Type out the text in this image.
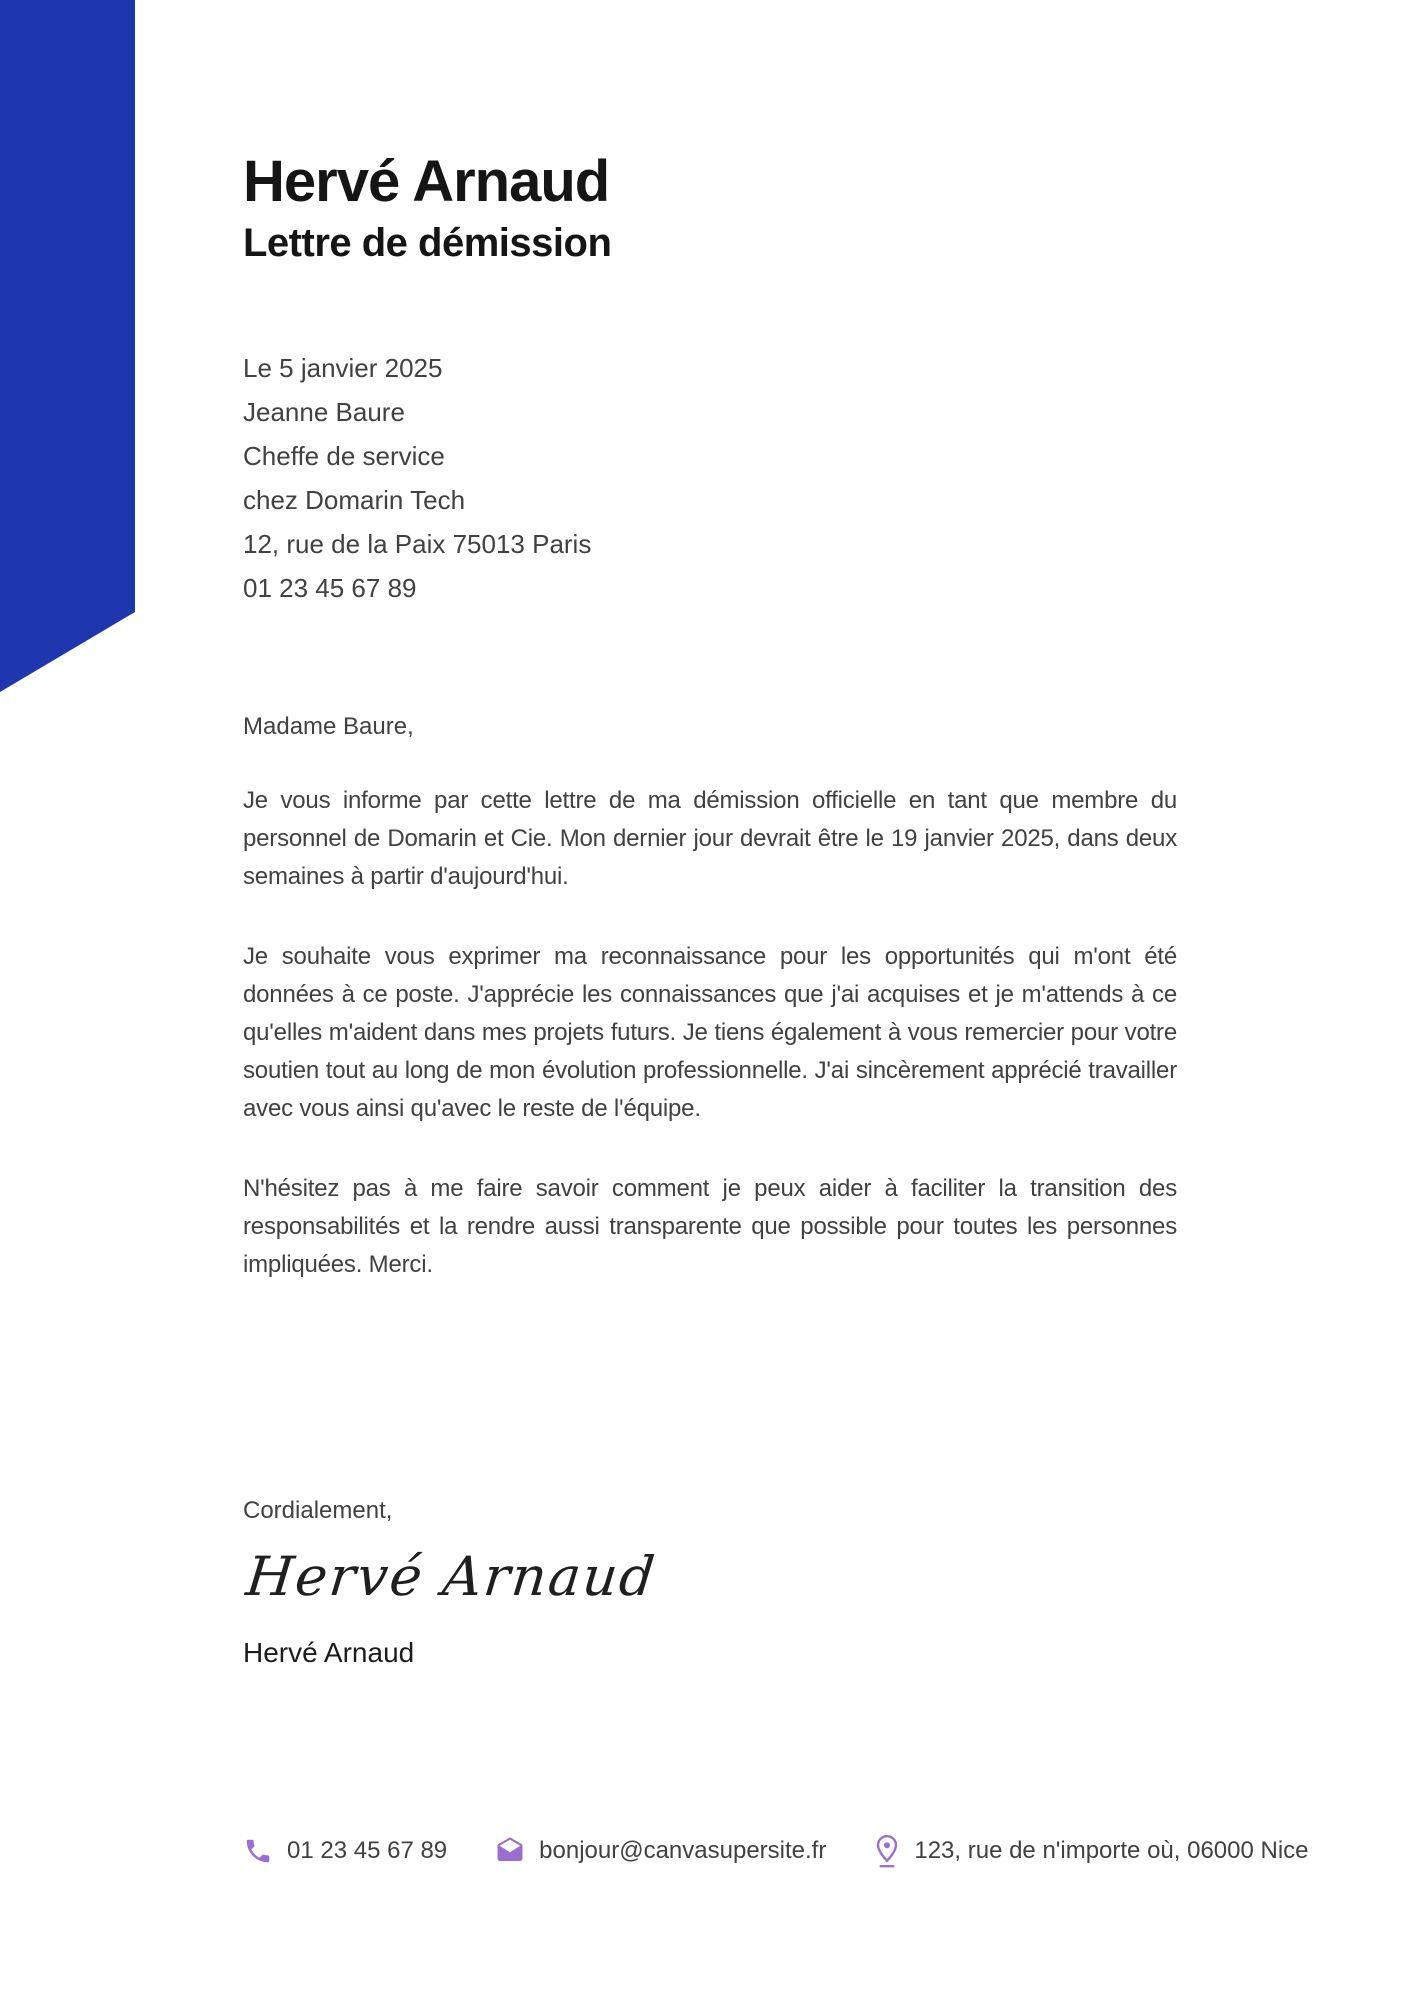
Hervé Arnaud
Lettre de démission
Le 5 janvier 2025
Jeanne Baure
Cheffe de service
chez Domarin Tech
12, rue de la Paix 75013 Paris
01 23 45 67 89

Madame Baure,

Je vous informe par cette lettre de ma démission officielle en tant que membre du personnel de Domarin et Cie. Mon dernier jour devrait être le 19 janvier 2025, dans deux semaines à partir d'aujourd'hui.

Je souhaite vous exprimer ma reconnaissance pour les opportunités qui m'ont été données à ce poste. J'apprécie les connaissances que j'ai acquises et je m'attends à ce qu'elles m'aident dans mes projets futurs. Je tiens également à vous remercier pour votre soutien tout au long de mon évolution professionnelle. J'ai sincèrement apprécié travailler avec vous ainsi qu'avec le reste de l'équipe.

N'hésitez pas à me faire savoir comment je peux aider à faciliter la transition des responsabilités et la rendre aussi transparente que possible pour toutes les personnes impliquées. Merci.

Cordialement,

Hervé Arnaud
Hervé Arnaud
01 23 45 67 89	bonjour@canvasupersite.fr	123, rue de n'importe où, 06000 Nice
